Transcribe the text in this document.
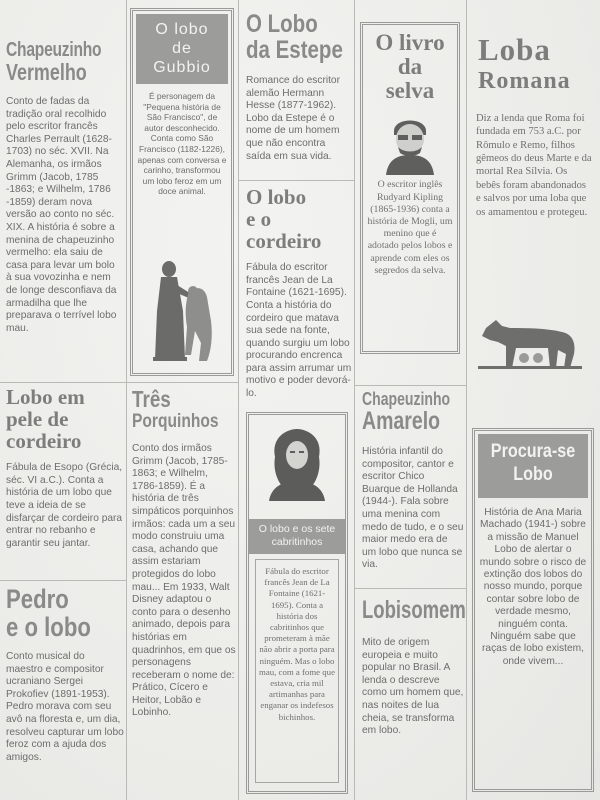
Chapeuzinho
Vermelho

Conto de fadas da tradição oral recolhido pelo escritor francês Charles Perrault (1628-1703) no séc. XVII. Na Alemanha, os irmãos Grimm (Jacob, 1785 -1863; e Wilhelm, 1786 -1859) deram nova versão ao conto no séc. XIX. A história é sobre a menina de chapeuzinho vermelho: ela saiu de casa para levar um bolo à sua vovozinha e nem de longe desconfiava da armadilha que lhe preparava o terrível lobo mau.

O lobo de Gubbio

É personagem da "Pequena história de São Francisco", de autor desconhecido. Conta como São Francisco (1182-1226), apenas com conversa e carinho, transformou um lobo feroz em um doce animal.

O Lobo
da Estepe

Romance do escritor alemão Hermann Hesse (1877-1962). Lobo da Estepe é o nome de um homem que não encontra saída em sua vida.

O livro

da

selva

O escritor inglês Rudyard Kipling (1865-1936) conta a história de Mogli, um menino que é adotado pelos lobos e aprende com eles os segredos da selva.

Loba

Romana

Diz a lenda que Roma foi fundada em 753 a.C. por Rômulo e Remo, filhos gêmeos do deus Marte e da mortal Rea Sílvia. Os bebês foram abandonados e salvos por uma loba que os amamentou e protegeu.

O lobo

e o

cordeiro

Fábula do escritor francês Jean de La Fontaine (1621-1695). Conta a história do cordeiro que matava sua sede na fonte, quando surgiu um lobo procurando encrenca para assim arrumar um motivo e poder devorá-lo.

Lobo em

pele de

cordeiro

Fábula de Esopo (Grécia, séc. VI a.C.). Conta a história de um lobo que teve a ideia de se disfarçar de cordeiro para entrar no rebanho e garantir seu jantar.

Três
Porquinhos

Conto dos irmãos Grimm (Jacob, 1785-1863; e Wilhelm, 1786-1859). É a história de três simpáticos porquinhos irmãos: cada um a seu modo construiu uma casa, achando que assim estariam protegidos do lobo mau... Em 1933, Walt Disney adaptou o conto para o desenho animado, depois para histórias em quadrinhos, em que os personagens receberam o nome de: Prático, Cícero e Heitor, Lobão e Lobinho.

O lobo e os sete cabritinhos

Fábula do escritor francês Jean de La Fontaine (1621-1695). Conta a história dos cabritinhos que prometeram à mãe não abrir a porta para ninguém. Mas o lobo mau, com a fome que estava, cria mil artimanhas para enganar os indefesos bichinhos.

Chapeuzinho
Amarelo

História infantil do compositor, cantor e escritor Chico Buarque de Hollanda (1944-). Fala sobre uma menina com medo de tudo, e o seu maior medo era de um lobo que nunca se via.

Procura-se
Lobo

História de Ana Maria Machado (1941-) sobre a missão de Manuel Lobo de alertar o mundo sobre o risco de extinção dos lobos do nosso mundo, porque contar sobre lobo de verdade mesmo, ninguém conta. Ninguém sabe que raças de lobo existem, onde vivem...

Pedro
e o lobo

Conto musical do maestro e compositor ucraniano Sergei Prokofiev (1891-1953). Pedro morava com seu avô na floresta e, um dia, resolveu capturar um lobo feroz com a ajuda dos amigos.

Lobisomem

Mito de origem europeia e muito popular no Brasil. A lenda o descreve como um homem que, nas noites de lua cheia, se transforma em lobo.
